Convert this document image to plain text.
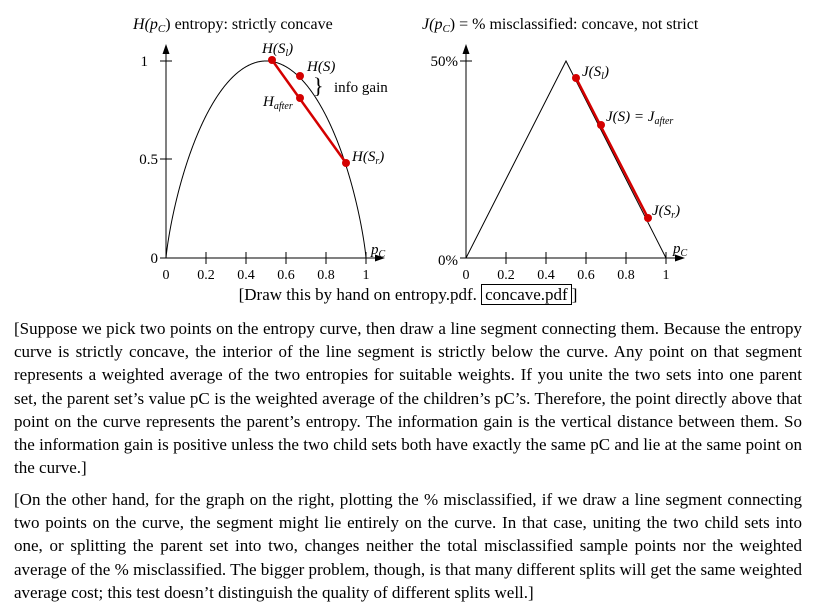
H(pC) entropy: strictly concave
1
0.5
0
0 0.2 0.4 0.6 0.8 1
$p_C$
$H(S_l)$
H(S)
} info gain
$H_{after}$
$H(S_r)$
J(pC) = % misclassified: concave, not strict
50%
0%
0 0.2 0.4 0.6 0.8 1
$p_C$
$J(S_l)$
$J(S) = J_{after}$
$J(S_r)$
[Draw this by hand on entropy.pdf. concave.pdf ]
[Suppose we pick two points on the entropy curve, then draw a line segment connecting them. Because the entropy curve is strictly concave, the interior of the line segment is strictly below the curve. Any point on that segment represents a weighted average of the two entropies for suitable weights. If you unite the two sets into one parent set, the parent set’s value pC is the weighted average of the children’s pC’s. Therefore, the point directly above that point on the curve represents the parent’s entropy. The information gain is the vertical distance between them. So the information gain is positive unless the two child sets both have exactly the same pC and lie at the same point on the curve.]
[On the other hand, for the graph on the right, plotting the % misclassified, if we draw a line segment connecting two points on the curve, the segment might lie entirely on the curve. In that case, uniting the two child sets into one, or splitting the parent set into two, changes neither the total misclassified sample points nor the weighted average of the % misclassified. The bigger problem, though, is that many different splits will get the same weighted average cost; this test doesn’t distinguish the quality of different splits well.]
